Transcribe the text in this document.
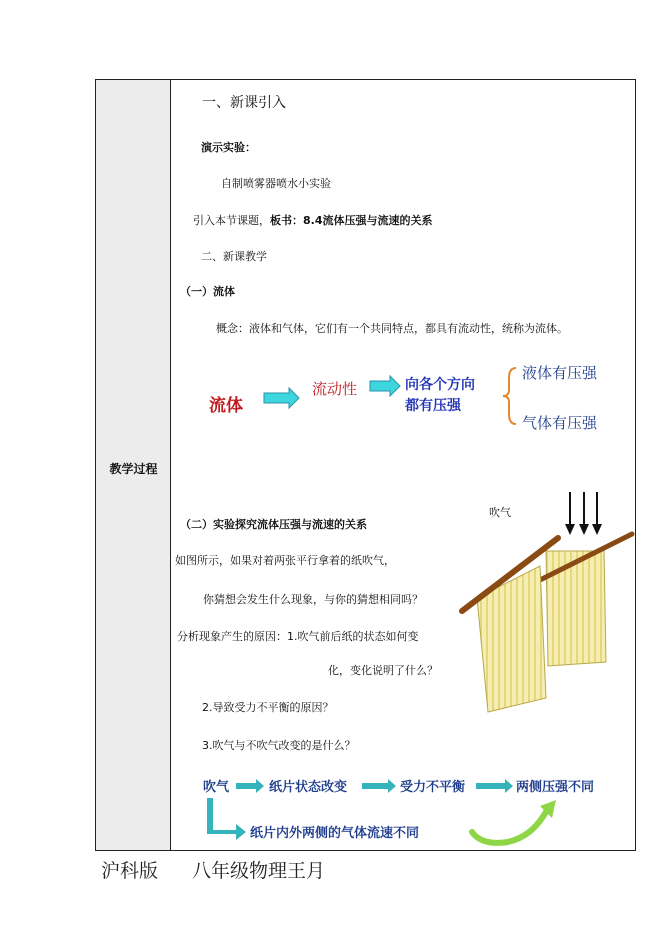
教学过程
一、新课引入
演示实验：
自制喷雾器喷水小实验
引入本节课题，板书：8.4流体压强与流速的关系
二、新课教学
（一）流体
概念：液体和气体，它们有一个共同特点，都具有流动性，统称为流体。
流体
流动性	向各个方向
都有压强
液体有压强
气体有压强
（二）实验探究流体压强与流速的关系
如图所示，如果对着两张平行拿着的纸吹气，
你猜想会发生什么现象，与你的猜想相同吗？
分析现象产生的原因：1.吹气前后纸的状态如何变
化，变化说明了什么？
2.导致受力不平衡的原因？
3.吹气与不吹气改变的是什么？
吹气
吹气	纸片状态改变	受力不平衡	两侧压强不同
纸片内外两侧的气体流速不同
沪科版 八年级物理王月
